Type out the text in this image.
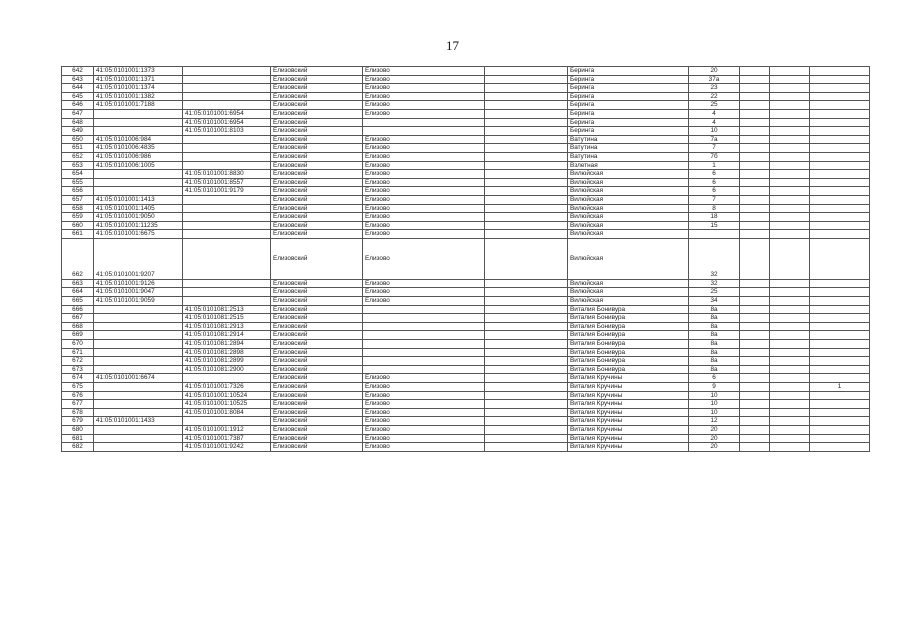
17
642	41:05:0101001:1373		Елизовский	Елизово		Беринга	20			
643	41:05:0101001:1371		Елизовский	Елизово		Беринга	37а			
644	41:05:0101001:1374		Елизовский	Елизово		Беринга	23			
645	41:05:0101001:1382		Елизовский	Елизово		Беринга	22			
646	41:05:0101001:7188		Елизовский	Елизово		Беринга	25			
647		41:05:0101001:6954	Елизовский	Елизово		Беринга	4			
648		41:05:0101001:6954	Елизовский			Беринга	4			
649		41:05:0101001:8103	Елизовский			Беринга	10			
650	41:05:0101006:984		Елизовский	Елизово		Ватутина	7а			
651	41:05:0101006:4835		Елизовский	Елизово		Ватутина	7			
652	41:05:0101006:986		Елизовский	Елизово		Ватутина	7б			
653	41:05:0101006:1005		Елизовский	Елизово		Взлетная	1			
654		41:05:0101001:8830	Елизовский	Елизово		Вилюйская	6			
655		41:05:0101001:8557	Елизовский	Елизово		Вилюйская	6			
656		41:05:0101001:9179	Елизовский	Елизово		Вилюйская	6			
657	41:05:0101001:1413		Елизовский	Елизово		Вилюйская	7			
658	41:05:0101001:1405		Елизовский	Елизово		Вилюйская	8			
659	41:05:0101001:9050		Елизовский	Елизово		Вилюйская	18			
660	41:05:0101001:11235		Елизовский	Елизово		Вилюйская	15			
661	41:05:0101001:6675		Елизовский	Елизово		Вилюйская				
662	41:05:0101001:9207		Елизовский	Елизово		Вилюйская	32			
663	41:05:0101001:9126		Елизовский	Елизово		Вилюйская	32			
664	41:05:0101001:9047		Елизовский	Елизово		Вилюйская	25			
665	41:05:0101001:9059		Елизовский	Елизово		Вилюйская	34			
666		41:05:0101081:2513	Елизовский			Виталия Бонивура	8а			
667		41:05:0101081:2515	Елизовский			Виталия Бонивура	8а			
668		41:05:0101081:2913	Елизовский			Виталия Бонивура	8а			
669		41:05:0101081:2914	Елизовский			Виталия Бонивура	8а			
670		41:05:0101081:2894	Елизовский			Виталия Бонивура	8а			
671		41:05:0101081:2898	Елизовский			Виталия Бонивура	8а			
672		41:05:0101081:2899	Елизовский			Виталия Бонивура	8а			
673		41:05:0101081:2900	Елизовский			Виталия Бонивура	8а			
674	41:05:0101001:6674		Елизовский	Елизово		Виталия Кручины	6			
675		41:05:0101001:7326	Елизовский	Елизово		Виталия Кручины	9			1
676		41:05:0101001:10524	Елизовский	Елизово		Виталия Кручины	10			
677		41:05:0101001:10525	Елизовский	Елизово		Виталия Кручины	10			
678		41:05:0101001:8084	Елизовский	Елизово		Виталия Кручины	10			
679	41:05:0101001:1433		Елизовский	Елизово		Виталия Кручины	12			
680		41:05:0101001:1912	Елизовский	Елизово		Виталия Кручины	20			
681		41:05:0101001:7387	Елизовский	Елизово		Виталия Кручины	20			
682		41:05:0101001:9242	Елизовский	Елизово		Виталия Кручины	20			
